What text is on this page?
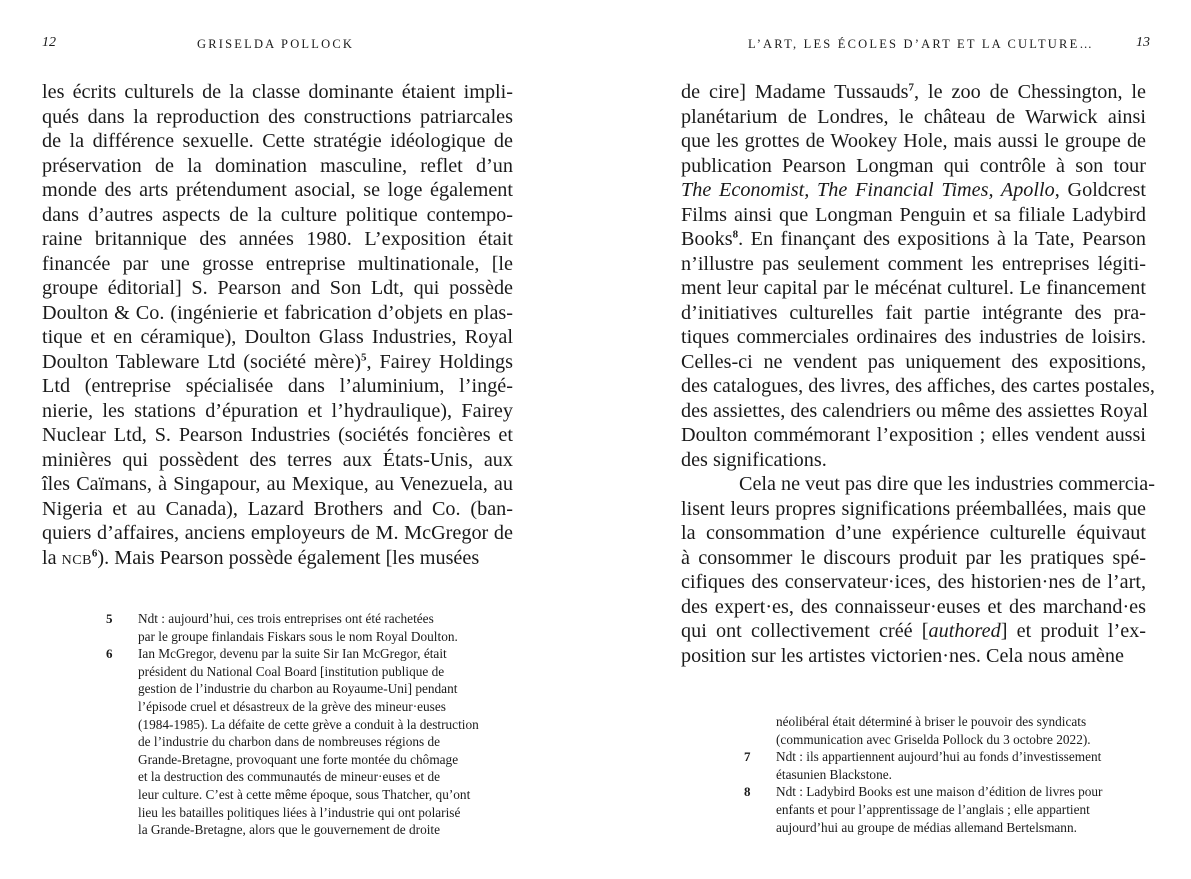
12	GRISELDA POLLOCK
les écrits culturels de la classe dominante étaient impli-
qués dans la reproduction des constructions patriarcales
de la différence sexuelle. Cette stratégie idéologique de
préservation de la domination masculine, reflet d’un
monde des arts prétendument asocial, se loge également
dans d’autres aspects de la culture politique contempo-
raine britannique des années 1980. L’exposition était
financée par une grosse entreprise multinationale, [le
groupe éditorial] S. Pearson and Son Ldt, qui possède
Doulton & Co. (ingénierie et fabrication d’objets en plas-
tique et en céramique), Doulton Glass Industries, Royal
Doulton Tableware Ltd (société mère)$^5$, Fairey Holdings
Ltd (entreprise spécialisée dans l’aluminium, l’ingé-
nierie, les stations d’épuration et l’hydraulique), Fairey
Nuclear Ltd, S. Pearson Industries (sociétés foncières et
minières qui possèdent des terres aux États-Unis, aux
îles Caïmans, à Singapour, au Mexique, au Venezuela, au
Nigeria et au Canada), Lazard Brothers and Co. (ban-
quiers d’affaires, anciens employeurs de M. McGregor de
la ncb$^6$). Mais Pearson possède également [les musées
5	Ndt : aujourd’hui, ces trois entreprises ont été rachetées
par le groupe finlandais Fiskars sous le nom Royal Doulton.
6	Ian McGregor, devenu par la suite Sir Ian McGregor, était
président du National Coal Board [institution publique de
gestion de l’industrie du charbon au Royaume-Uni] pendant
l’épisode cruel et désastreux de la grève des mineur·euses
(1984-1985). La défaite de cette grève a conduit à la destruction
de l’industrie du charbon dans de nombreuses régions de
Grande-Bretagne, provoquant une forte montée du chômage
et la destruction des communautés de mineur·euses et de
leur culture. C’est à cette même époque, sous Thatcher, qu’ont
lieu les batailles politiques liées à l’industrie qui ont polarisé
la Grande-Bretagne, alors que le gouvernement de droite
L’ART, LES ÉCOLES D’ART ET LA CULTURE…	13
de cire] Madame Tussauds$^7$, le zoo de Chessington, le
planétarium de Londres, le château de Warwick ainsi
que les grottes de Wookey Hole, mais aussi le groupe de
publication Pearson Longman qui contrôle à son tour
The Economist, The Financial Times, Apollo, Goldcrest
Films ainsi que Longman Penguin et sa filiale Ladybird
Books$^8$. En finançant des expositions à la Tate, Pearson
n’illustre pas seulement comment les entreprises légiti-
ment leur capital par le mécénat culturel. Le financement
d’initiatives culturelles fait partie intégrante des pra-
tiques commerciales ordinaires des industries de loisirs.
Celles-ci ne vendent pas uniquement des expositions,
des catalogues, des livres, des affiches, des cartes postales,
des assiettes, des calendriers ou même des assiettes Royal
Doulton commémorant l’exposition ; elles vendent aussi
des significations.
Cela ne veut pas dire que les industries commercia-
lisent leurs propres significations préemballées, mais que
la consommation d’une expérience culturelle équivaut
à consommer le discours produit par les pratiques spé-
cifiques des conservateur·ices, des historien·nes de l’art,
des expert·es, des connaisseur·euses et des marchand·es
qui ont collectivement créé [authored] et produit l’ex-
position sur les artistes victorien·nes. Cela nous amène
néolibéral était déterminé à briser le pouvoir des syndicats
(communication avec Griselda Pollock du 3 octobre 2022).
7	Ndt : ils appartiennent aujourd’hui au fonds d’investissement
étasunien Blackstone.
8	Ndt : Ladybird Books est une maison d’édition de livres pour
enfants et pour l’apprentissage de l’anglais ; elle appartient
aujourd’hui au groupe de médias allemand Bertelsmann.
